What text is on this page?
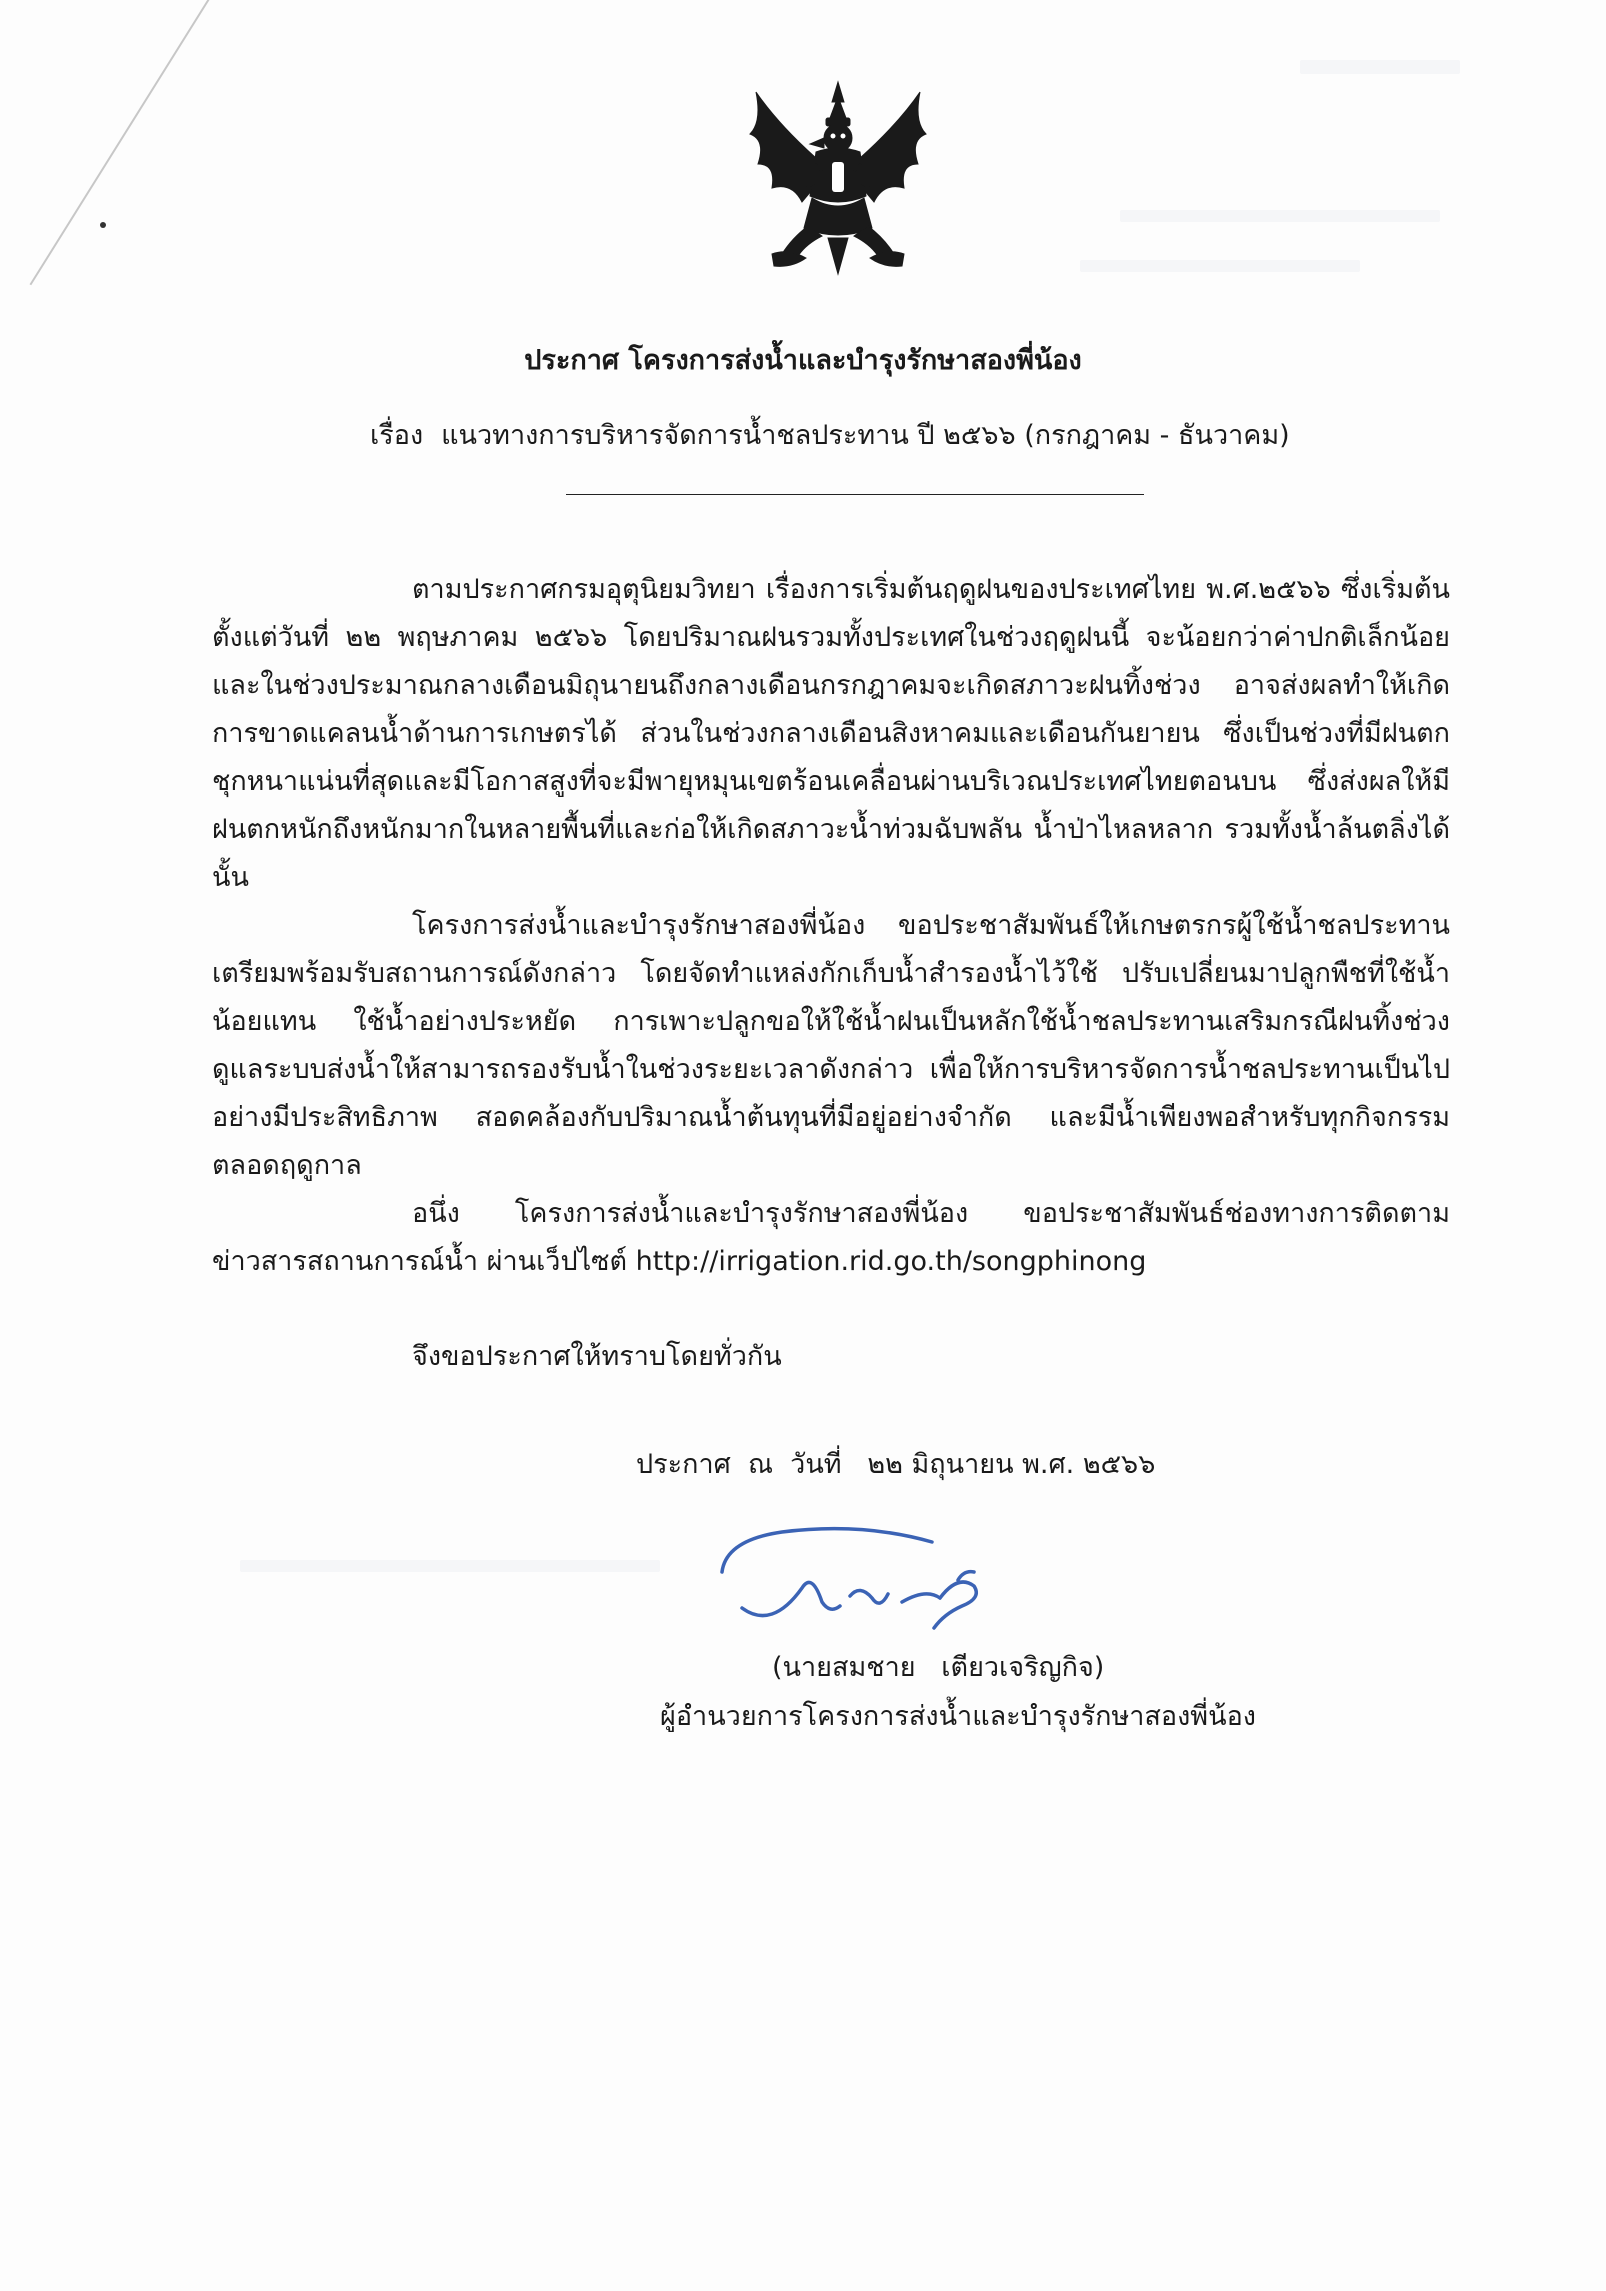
ประกาศ โครงการส่งน้ำและบำรุงรักษาสองพี่น้อง
เรื่อง แนวทางการบริหารจัดการน้ำชลประทาน ปี ๒๕๖๖ (กรกฎาคม - ธันวาคม)

ตามประกาศกรมอุตุนิยมวิทยา เรื่องการเริ่มต้นฤดูฝนของประเทศไทย พ.ศ.๒๕๖๖ ซึ่งเริ่มต้นตั้งแต่วันที่ ๒๒ พฤษภาคม ๒๕๖๖ โดยปริมาณฝนรวมทั้งประเทศในช่วงฤดูฝนนี้ จะน้อยกว่าค่าปกติเล็กน้อย และในช่วงประมาณกลางเดือนมิถุนายนถึงกลางเดือนกรกฎาคมจะเกิดสภาวะฝนทิ้งช่วง อาจส่งผลทำให้เกิดการขาดแคลนน้ำด้านการเกษตรได้ ส่วนในช่วงกลางเดือนสิงหาคมและเดือนกันยายน ซึ่งเป็นช่วงที่มีฝนตกชุกหนาแน่นที่สุดและมีโอกาสสูงที่จะมีพายุหมุนเขตร้อนเคลื่อนผ่านบริเวณประเทศไทยตอนบน ซึ่งส่งผลให้มีฝนตกหนักถึงหนักมากในหลายพื้นที่และก่อให้เกิดสภาวะน้ำท่วมฉับพลัน น้ำป่าไหลหลาก รวมทั้งน้ำล้นตลิ่งได้ นั้น

โครงการส่งน้ำและบำรุงรักษาสองพี่น้อง ขอประชาสัมพันธ์ให้เกษตรกรผู้ใช้น้ำชลประทานเตรียมพร้อมรับสถานการณ์ดังกล่าว โดยจัดทำแหล่งกักเก็บน้ำสำรองน้ำไว้ใช้ ปรับเปลี่ยนมาปลูกพืชที่ใช้น้ำน้อยแทน ใช้น้ำอย่างประหยัด การเพาะปลูกขอให้ใช้น้ำฝนเป็นหลักใช้น้ำชลประทานเสริมกรณีฝนทิ้งช่วง ดูแลระบบส่งน้ำให้สามารถรองรับน้ำในช่วงระยะเวลาดังกล่าว เพื่อให้การบริหารจัดการน้ำชลประทานเป็นไปอย่างมีประสิทธิภาพ สอดคล้องกับปริมาณน้ำต้นทุนที่มีอยู่อย่างจำกัด และมีน้ำเพียงพอสำหรับทุกกิจกรรมตลอดฤดูกาล

อนึ่ง โครงการส่งน้ำและบำรุงรักษาสองพี่น้อง ขอประชาสัมพันธ์ช่องทางการติดตามข่าวสารสถานการณ์น้ำ ผ่านเว็ปไซต์ http://irrigation.rid.go.th/songphinong

จึงขอประกาศให้ทราบโดยทั่วกัน
ประกาศ  ณ  วันที่   ๒๒ มิถุนายน พ.ศ. ๒๕๖๖
(นายสมชาย   เตียวเจริญกิจ)
ผู้อำนวยการโครงการส่งน้ำและบำรุงรักษาสองพี่น้อง
